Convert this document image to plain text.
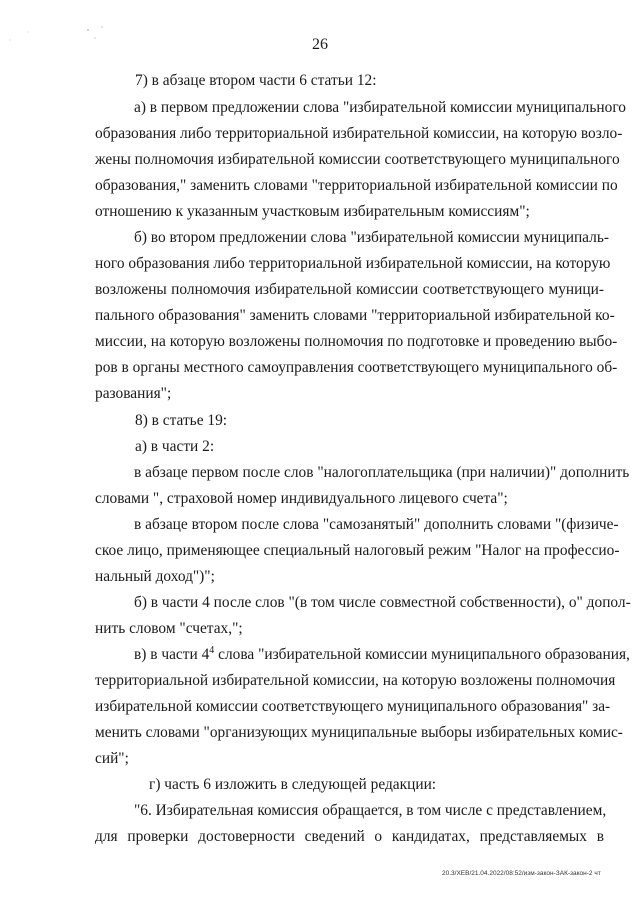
26
7) в абзаце втором части 6 статьи 12:
а) в первом предложении слова "избирательной комиссии муниципального
образования либо территориальной избирательной комиссии, на которую возло-
жены полномочия избирательной комиссии соответствующего муниципального
образования," заменить словами "территориальной избирательной комиссии по
отношению к указанным участковым избирательным комиссиям";
б) во втором предложении слова "избирательной комиссии муниципаль-
ного образования либо территориальной избирательной комиссии, на которую
возложены полномочия избирательной комиссии соответствующего муници-
пального образования" заменить словами "территориальной избирательной ко-
миссии, на которую возложены полномочия по подготовке и проведению выбо-
ров в органы местного самоуправления соответствующего муниципального об-
разования";
8) в статье 19:
а) в части 2:
в абзаце первом после слов "налогоплательщика (при наличии)" дополнить
словами ", страховой номер индивидуального лицевого счета";
в абзаце втором после слова "самозанятый" дополнить словами "(физиче-
ское лицо, применяющее специальный налоговый режим "Налог на профессио-
нальный доход")";
б) в части 4 после слов "(в том числе совместной собственности), о" допол-
нить словом "счетах,";
в) в части $4^4$ слова "избирательной комиссии муниципального образования,
территориальной избирательной комиссии, на которую возложены полномочия
избирательной комиссии соответствующего муниципального образования" за-
менить словами "организующих муниципальные выборы избирательных комис-
сий";
г) часть 6 изложить в следующей редакции:
"6. Избирательная комиссия обращается, в том числе с представлением,
для проверки достоверности сведений о кандидатах, представляемых в
20.3/ХЕВ/21.04.2022/08:52/изм-закон-ЗАК-закон-2 чт
